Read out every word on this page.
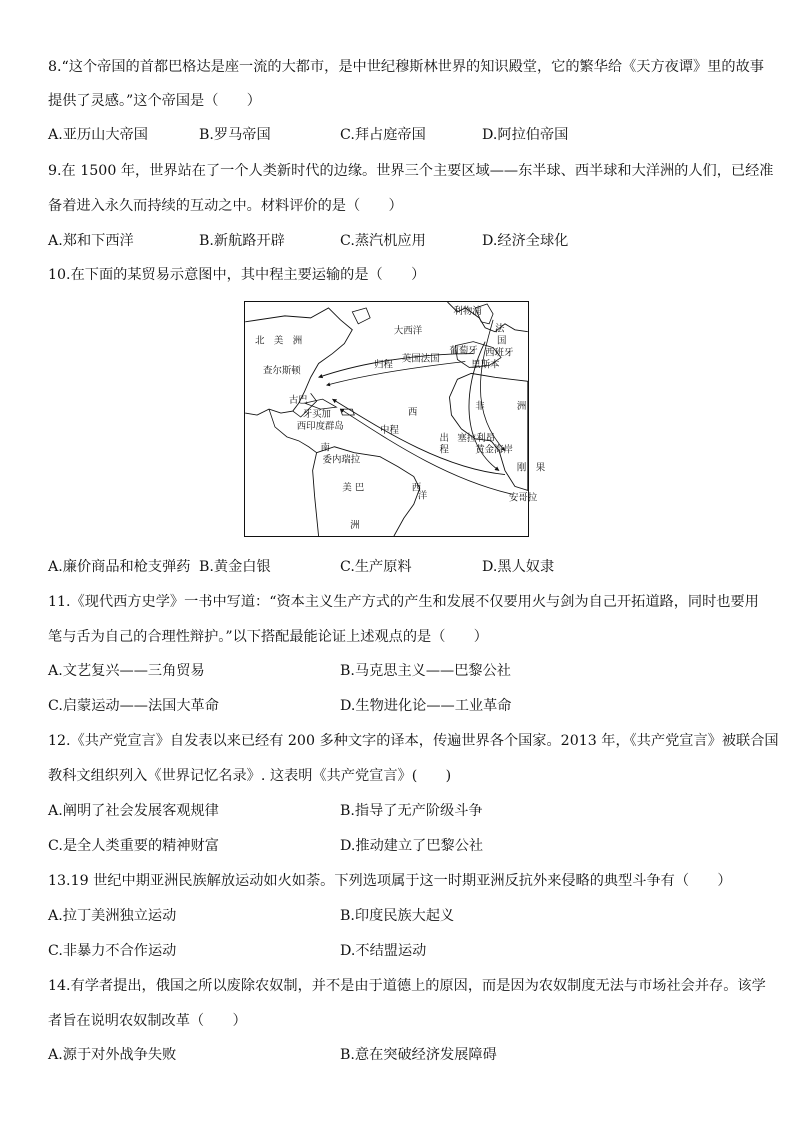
8.“这个帝国的首都巴格达是座一流的大都市，是中世纪穆斯林世界的知识殿堂，它的繁华给《天方夜谭》里的故事
提供了灵感。”这个帝国是（　　）
A.亚历山大帝国	B.罗马帝国	C.拜占庭帝国	D.阿拉伯帝国
9.在 1500 年，世界站在了一个人类新时代的边缘。世界三个主要区域——东半球、西半球和大洋洲的人们，已经准
备着进入永久而持续的互动之中。材料评价的是（　　）
A.郑和下西洋	B.新航路开辟	C.蒸汽机应用	D.经济全球化
10.在下面的某贸易示意图中，其中程主要运输的是（　　）
北　美　洲
大西洋
利物浦
法
国
葡萄牙 西班牙
里斯本
归程
英国法国
查尔斯顿
古巴
牙买加
西印度群岛	中程
西
非	洲
出
程
塞拉利昂
黄金海岸
南
委内瑞拉
刚　果
美 巴	西
洋	安哥拉
洲
A.廉价商品和枪支弹药 B.黄金白银	C.生产原料	D.黑人奴隶
11.《现代西方史学》一书中写道：“资本主义生产方式的产生和发展不仅要用火与剑为自己开拓道路，同时也要用
笔与舌为自己的合理性辩护。”以下搭配最能论证上述观点的是（　　）
A.文艺复兴——三角贸易	B.马克思主义——巴黎公社
C.启蒙运动——法国大革命	D.生物进化论——工业革命
12.《共产党宣言》自发表以来已经有 200 多种文字的译本，传遍世界各个国家。2013 年，《共产党宣言》被联合国
教科文组织列入《世界记忆名录》. 这表明《共产党宣言》(　　)
A.阐明了社会发展客观规律	B.指导了无产阶级斗争
C.是全人类重要的精神财富	D.推动建立了巴黎公社
13.19 世纪中期亚洲民族解放运动如火如荼。下列选项属于这一时期亚洲反抗外来侵略的典型斗争有（　　）
A.拉丁美洲独立运动	B.印度民族大起义
C.非暴力不合作运动	D.不结盟运动
14.有学者提出，俄国之所以废除农奴制，并不是由于道德上的原因，而是因为农奴制度无法与市场社会并存。该学
者旨在说明农奴制改革（　　）
A.源于对外战争失败	B.意在突破经济发展障碍
